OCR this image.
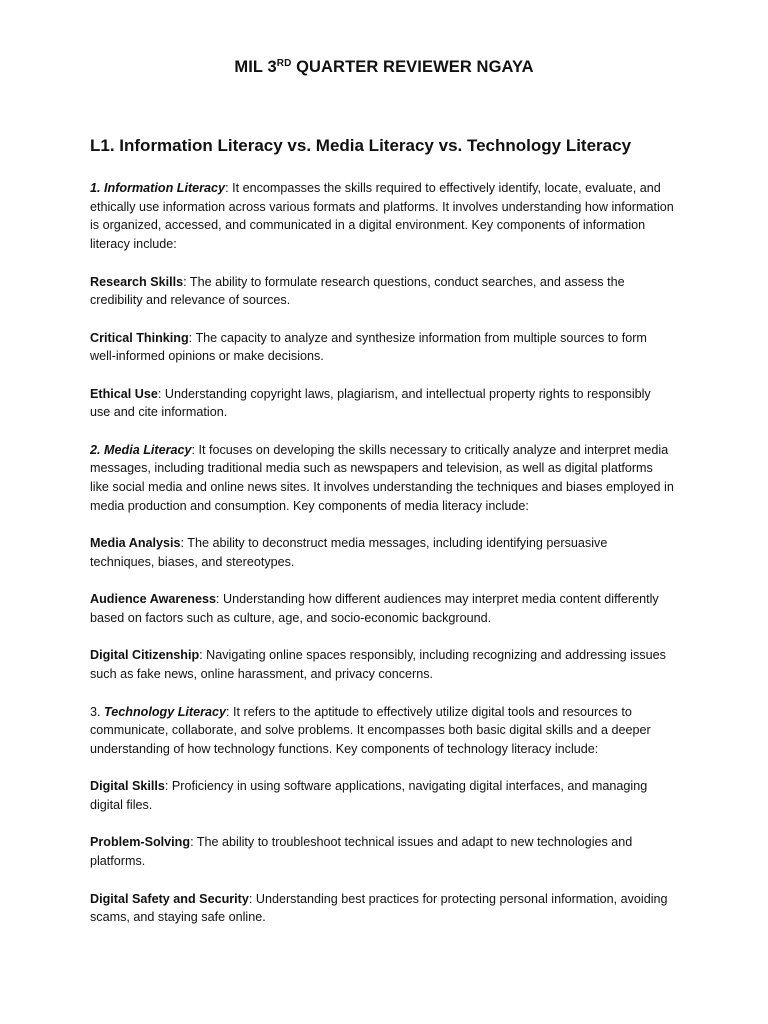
MIL 3RD QUARTER REVIEWER NGAYA
L1. Information Literacy vs. Media Literacy vs. Technology Literacy

1. Information Literacy: It encompasses the skills required to effectively identify, locate, evaluate, and ethically use information across various formats and platforms. It involves understanding how information is organized, accessed, and communicated in a digital environment. Key components of information literacy include:

Research Skills: The ability to formulate research questions, conduct searches, and assess the credibility and relevance of sources.

Critical Thinking: The capacity to analyze and synthesize information from multiple sources to form well-informed opinions or make decisions.

Ethical Use: Understanding copyright laws, plagiarism, and intellectual property rights to responsibly use and cite information.

2. Media Literacy: It focuses on developing the skills necessary to critically analyze and interpret media messages, including traditional media such as newspapers and television, as well as digital platforms like social media and online news sites. It involves understanding the techniques and biases employed in media production and consumption. Key components of media literacy include:

Media Analysis: The ability to deconstruct media messages, including identifying persuasive techniques, biases, and stereotypes.

Audience Awareness: Understanding how different audiences may interpret media content differently based on factors such as culture, age, and socio-economic background.

Digital Citizenship: Navigating online spaces responsibly, including recognizing and addressing issues such as fake news, online harassment, and privacy concerns.

3. Technology Literacy: It refers to the aptitude to effectively utilize digital tools and resources to communicate, collaborate, and solve problems. It encompasses both basic digital skills and a deeper understanding of how technology functions. Key components of technology literacy include:

Digital Skills: Proficiency in using software applications, navigating digital interfaces, and managing digital files.

Problem-Solving: The ability to troubleshoot technical issues and adapt to new technologies and platforms.

Digital Safety and Security: Understanding best practices for protecting personal information, avoiding scams, and staying safe online.
